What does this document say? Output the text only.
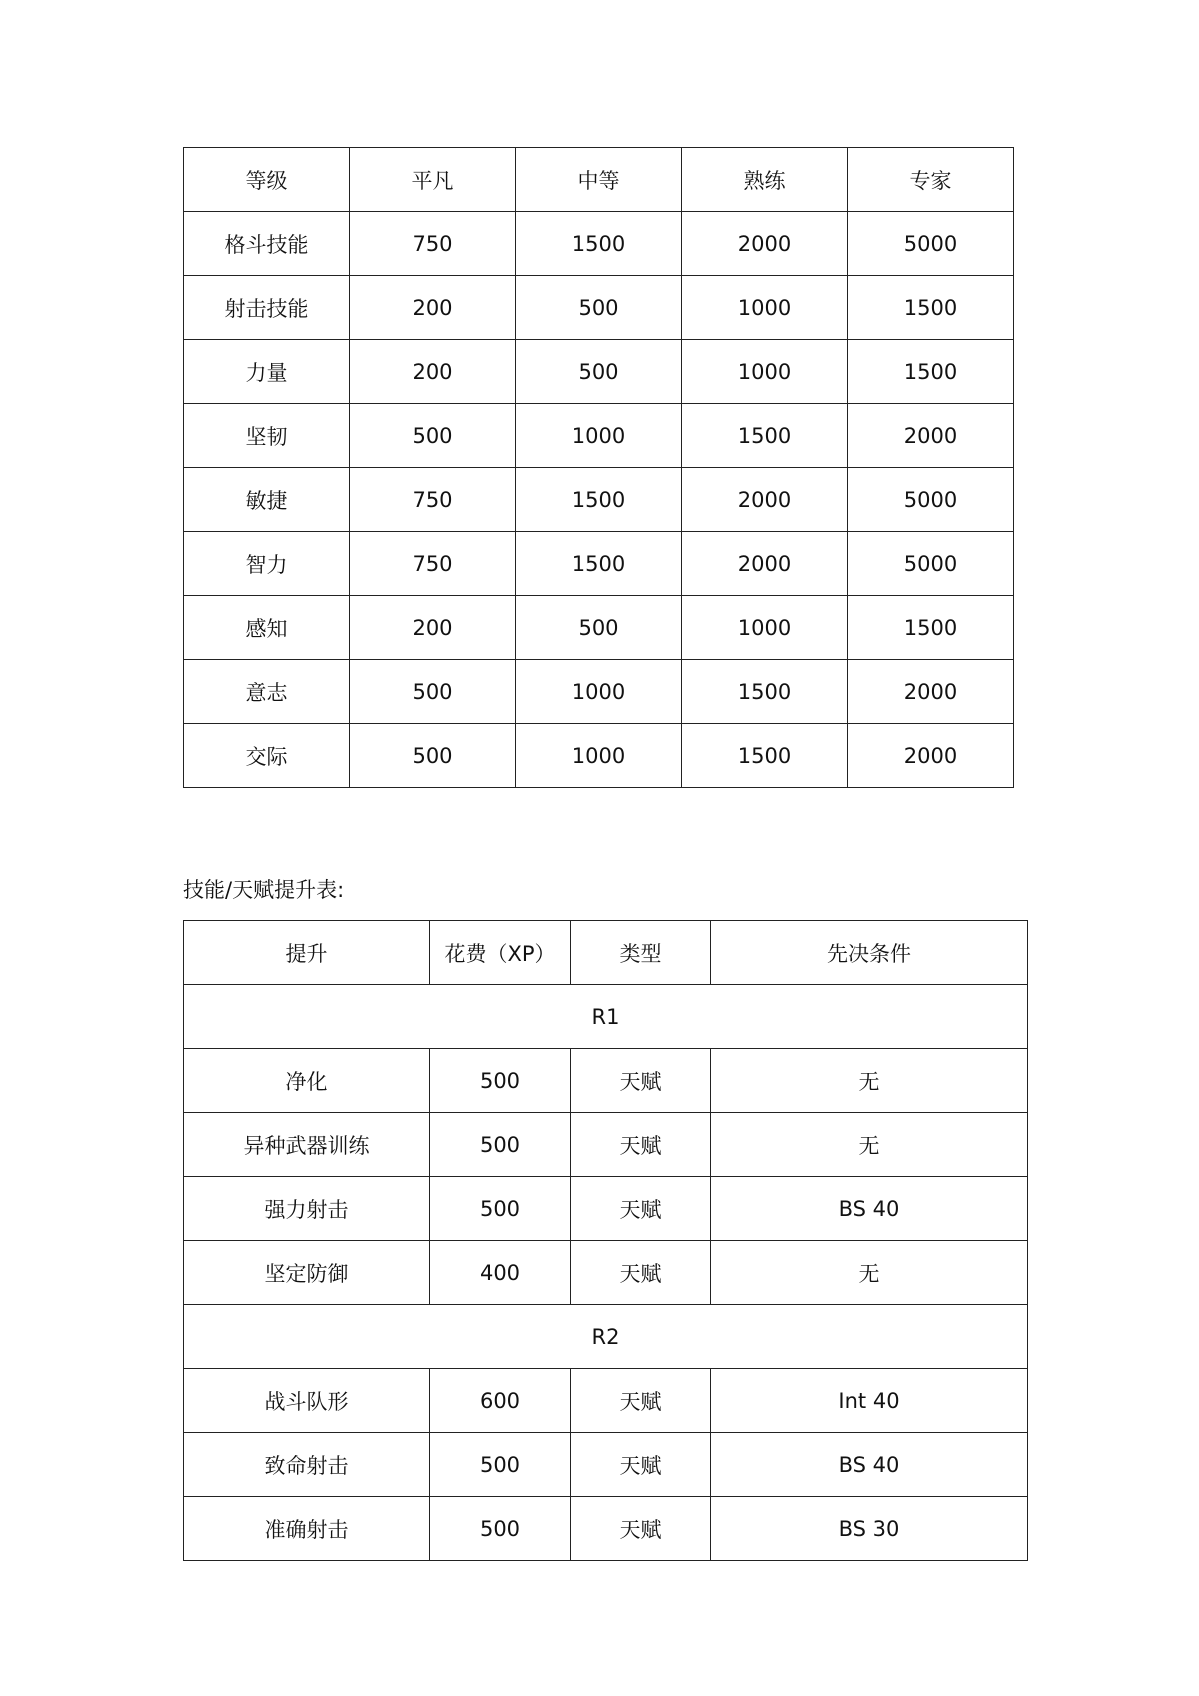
等级	平凡	中等	熟练	专家
格斗技能	750	1500	2000	5000
射击技能	200	500	1000	1500
力量	200	500	1000	1500
坚韧	500	1000	1500	2000
敏捷	750	1500	2000	5000
智力	750	1500	2000	5000
感知	200	500	1000	1500
意志	500	1000	1500	2000
交际	500	1000	1500	2000
技能/天赋提升表:
提升	花费（XP）	类型	先决条件
R1			
净化	500	天赋	无
异种武器训练	500	天赋	无
强力射击	500	天赋	BS 40
坚定防御	400	天赋	无
R2			
战斗队形	600	天赋	Int 40
致命射击	500	天赋	BS 40
准确射击	500	天赋	BS 30
